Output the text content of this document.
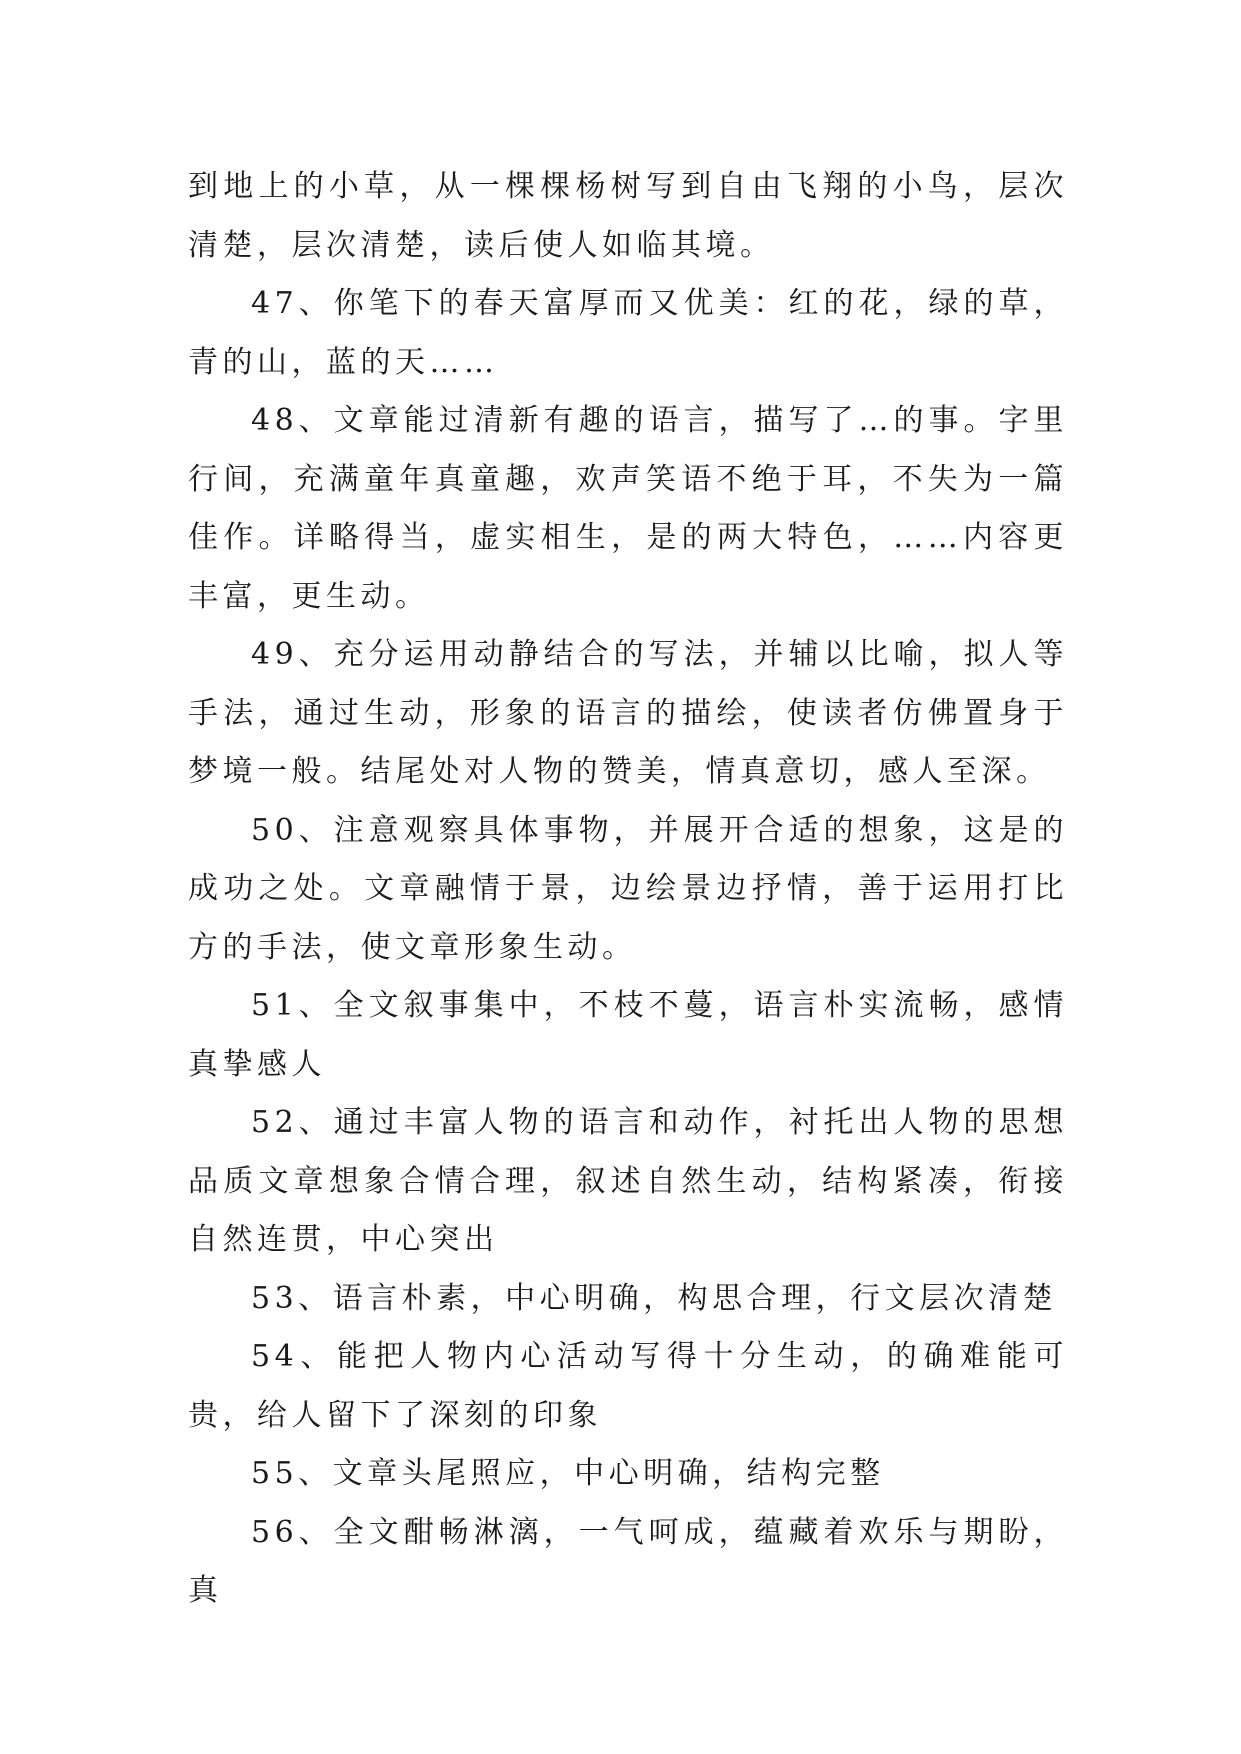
到地上的小草，从一棵棵杨树写到自由飞翔的小鸟，层次清楚，层次清楚，读后使人如临其境。

47、你笔下的春天富厚而又优美：红的花，绿的草，青的山，蓝的天……

48、文章能过清新有趣的语言，描写了…的事。字里行间，充满童年真童趣，欢声笑语不绝于耳，不失为一篇佳作。详略得当，虚实相生，是的两大特色，……内容更丰富，更生动。

49、充分运用动静结合的写法，并辅以比喻，拟人等手法，通过生动，形象的语言的描绘，使读者仿佛置身于梦境一般。结尾处对人物的赞美，情真意切，感人至深。

50、注意观察具体事物，并展开合适的想象，这是的成功之处。文章融情于景，边绘景边抒情，善于运用打比方的手法，使文章形象生动。

51、全文叙事集中，不枝不蔓，语言朴实流畅，感情真挚感人

52、通过丰富人物的语言和动作，衬托出人物的思想品质文章想象合情合理，叙述自然生动，结构紧凑，衔接自然连贯，中心突出

53、语言朴素，中心明确，构思合理，行文层次清楚

54、能把人物内心活动写得十分生动，的确难能可贵，给人留下了深刻的印象

55、文章头尾照应，中心明确，结构完整

56、全文酣畅淋漓，一气呵成，蕴藏着欢乐与期盼，真
